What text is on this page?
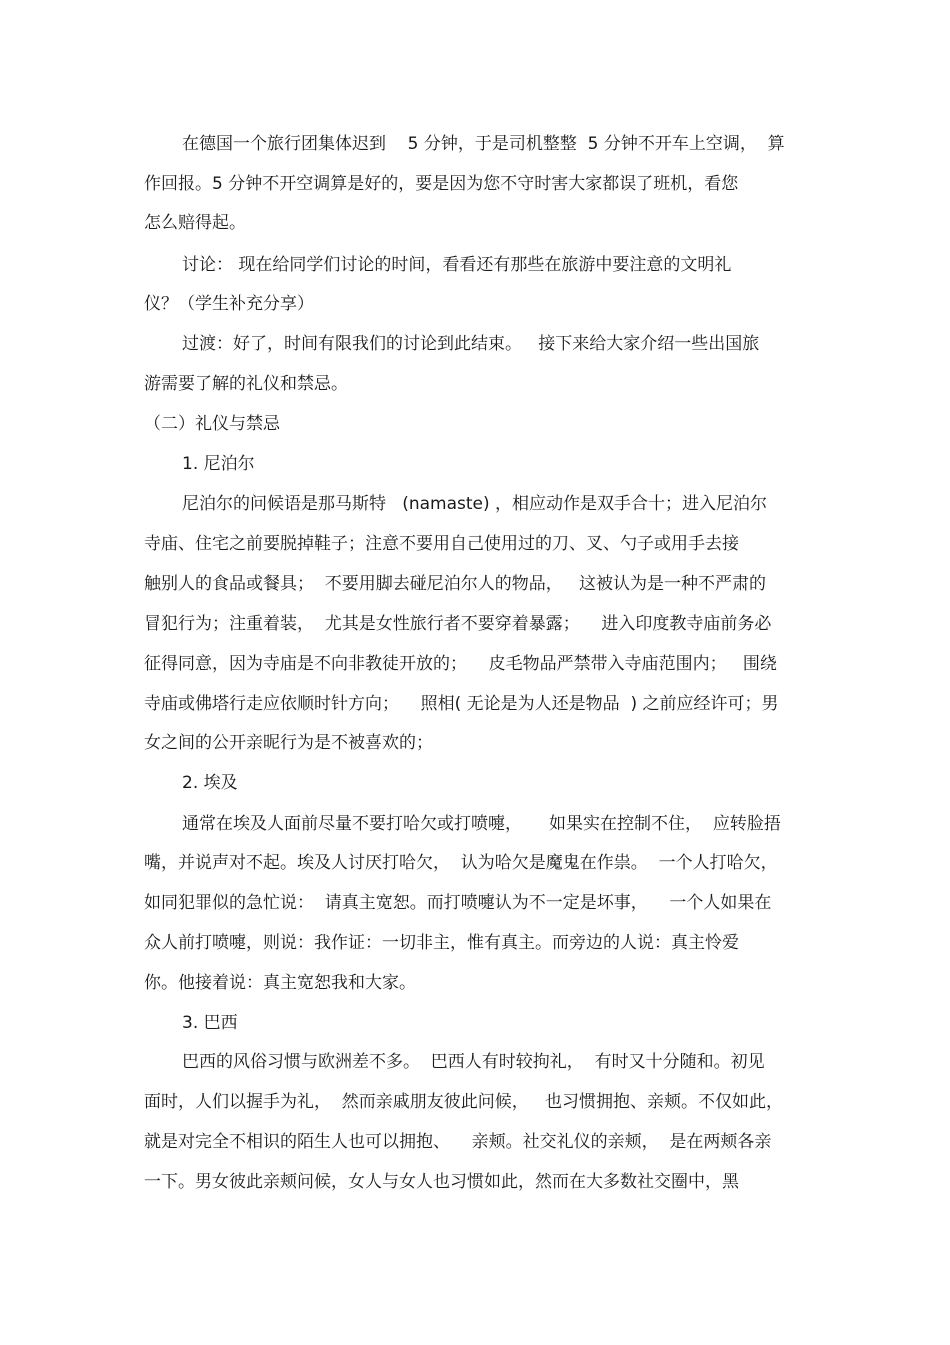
在德国一个旅行团集体迟到    5 分钟，于是司机整整  5 分钟不开车上空调，  算
作回报。5 分钟不开空调算是好的，要是因为您不守时害大家都误了班机，看您
怎么赔得起。
讨论： 现在给同学们讨论的时间，看看还有那些在旅游中要注意的文明礼
仪？（学生补充分享）
过渡：好了，时间有限我们的讨论到此结束。   接下来给大家介绍一些出国旅
游需要了解的礼仪和禁忌。
（二）礼仪与禁忌
1. 尼泊尔
尼泊尔的问候语是那马斯特   (namaste) ，相应动作是双手合十；进入尼泊尔
寺庙、住宅之前要脱掉鞋子；注意不要用自己使用过的刀、叉、勺子或用手去接
触别人的食品或餐具；  不要用脚去碰尼泊尔人的物品，   这被认为是一种不严肃的
冒犯行为；注重着装，  尤其是女性旅行者不要穿着暴露；    进入印度教寺庙前务必
征得同意，因为寺庙是不向非教徒开放的；    皮毛物品严禁带入寺庙范围内；   围绕
寺庙或佛塔行走应依顺时针方向；    照相( 无论是为人还是物品  ) 之前应经许可；男
女之间的公开亲昵行为是不被喜欢的；
2. 埃及
通常在埃及人面前尽量不要打哈欠或打喷嚏，     如果实在控制不住，  应转脸捂
嘴，并说声对不起。埃及人讨厌打哈欠，  认为哈欠是魔鬼在作祟。  一个人打哈欠，
如同犯罪似的急忙说：  请真主宽恕。而打喷嚏认为不一定是坏事，    一个人如果在
众人前打喷嚏，则说：我作证：一切非主，惟有真主。而旁边的人说：真主怜爱
你。他接着说：真主宽恕我和大家。
3. 巴西
巴西的风俗习惯与欧洲差不多。  巴西人有时较拘礼，  有时又十分随和。初见
面时，人们以握手为礼，  然而亲戚朋友彼此问候，   也习惯拥抱、亲颊。不仅如此，
就是对完全不相识的陌生人也可以拥抱、    亲颊。社交礼仪的亲颊，  是在两颊各亲
一下。男女彼此亲颊问候，女人与女人也习惯如此，然而在大多数社交圈中，黑
